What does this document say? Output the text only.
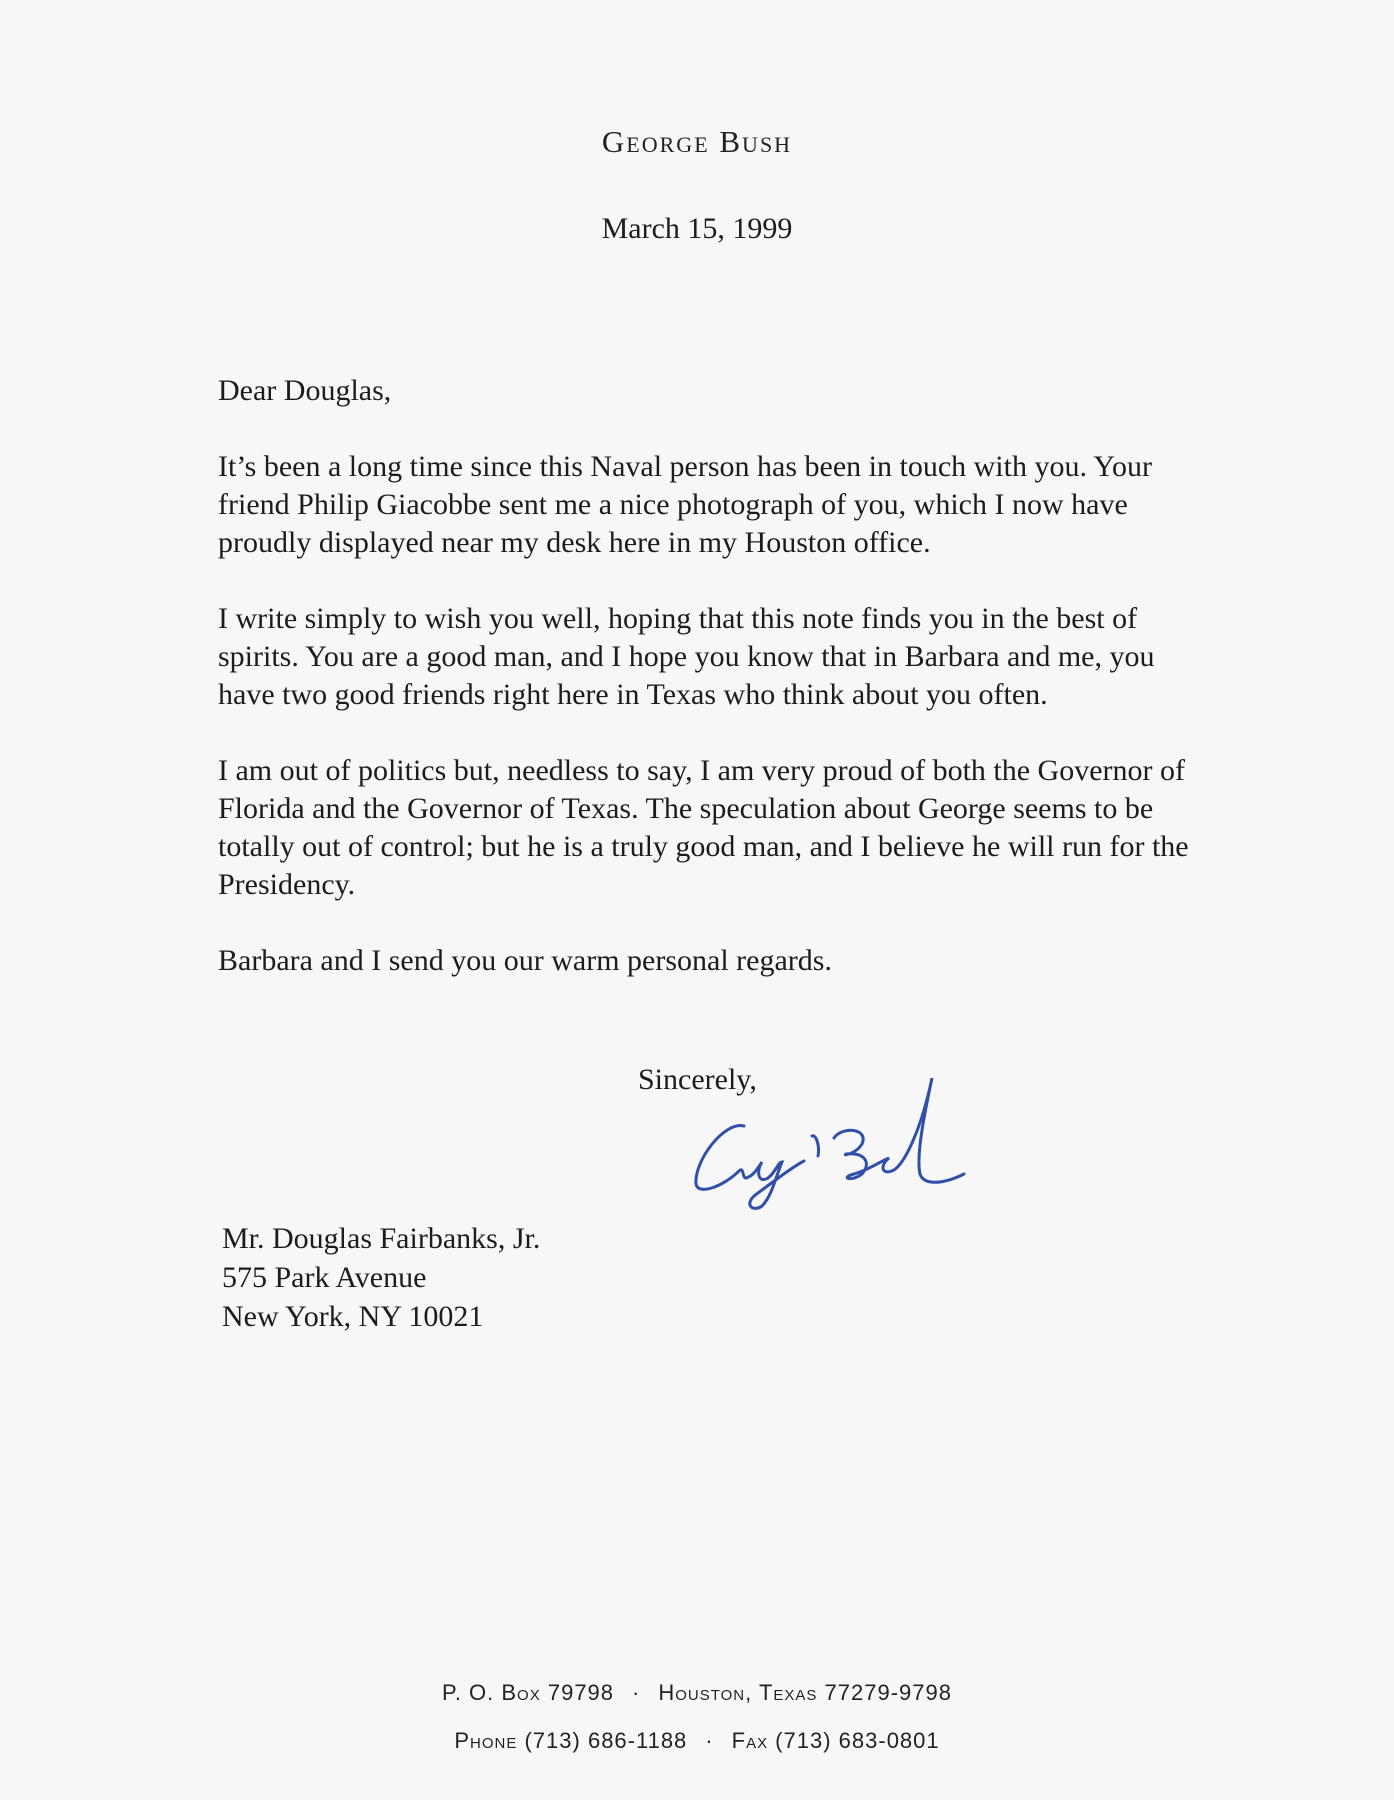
George Bush
March 15, 1999

Dear Douglas,

It’s been a long time since this Naval person has been in touch with you. Your friend Philip Giacobbe sent me a nice photograph of you, which I now have proudly displayed near my desk here in my Houston office.

I write simply to wish you well, hoping that this note finds you in the best of spirits. You are a good man, and I hope you know that in Barbara and me, you have two good friends right here in Texas who think about you often.

I am out of politics but, needless to say, I am very proud of both the Governor of Florida and the Governor of Texas. The speculation about George seems to be totally out of control; but he is a truly good man, and I believe he will run for the Presidency.

Barbara and I send you our warm personal regards.

Sincerely,
Mr. Douglas Fairbanks, Jr.
575 Park Avenue
New York, NY 10021
P. O. Box 79798 · Houston, Texas 77279-9798
Phone (713) 686-1188 · Fax (713) 683-0801
